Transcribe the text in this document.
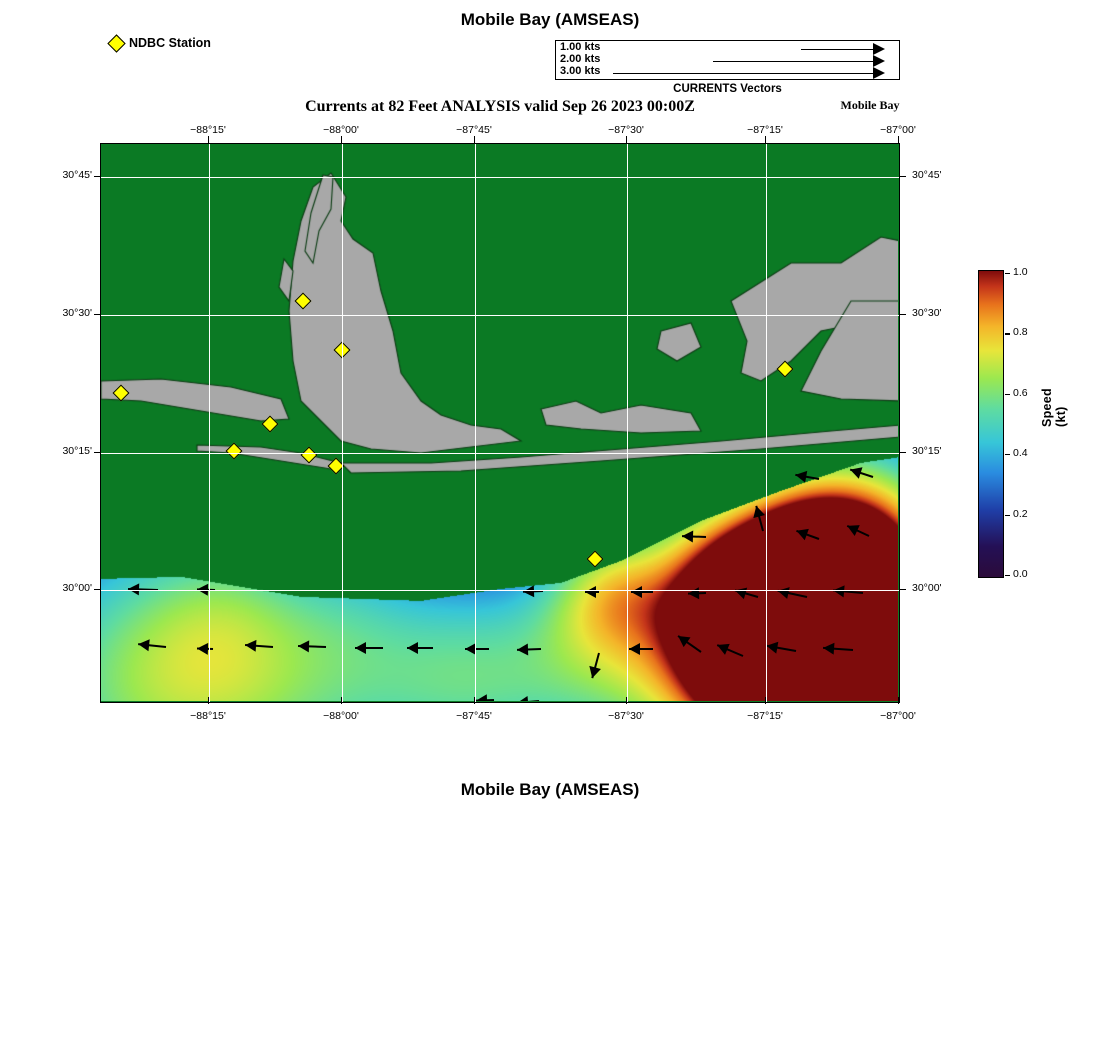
Mobile Bay (AMSEAS)
Mobile Bay (AMSEAS)
Currents at 82 Feet ANALYSIS valid Sep 26 2023 00:00Z	Mobile Bay
NDBC Station	1.00 kts
2.00 kts
3.00 kts
CURRENTS Vectors
−88°15'
−88°15'
−88°00'
−88°00'
−87°45'
−87°45'
−87°30'
−87°30'
−87°15'
−87°15'
−87°00'
−87°00'
30°45'	30°45'
30°30'	30°30'
30°15'	30°15'
30°00'	30°00'
1.0
0.8
0.6
0.4
0.2
0.0
Speed (kt)
